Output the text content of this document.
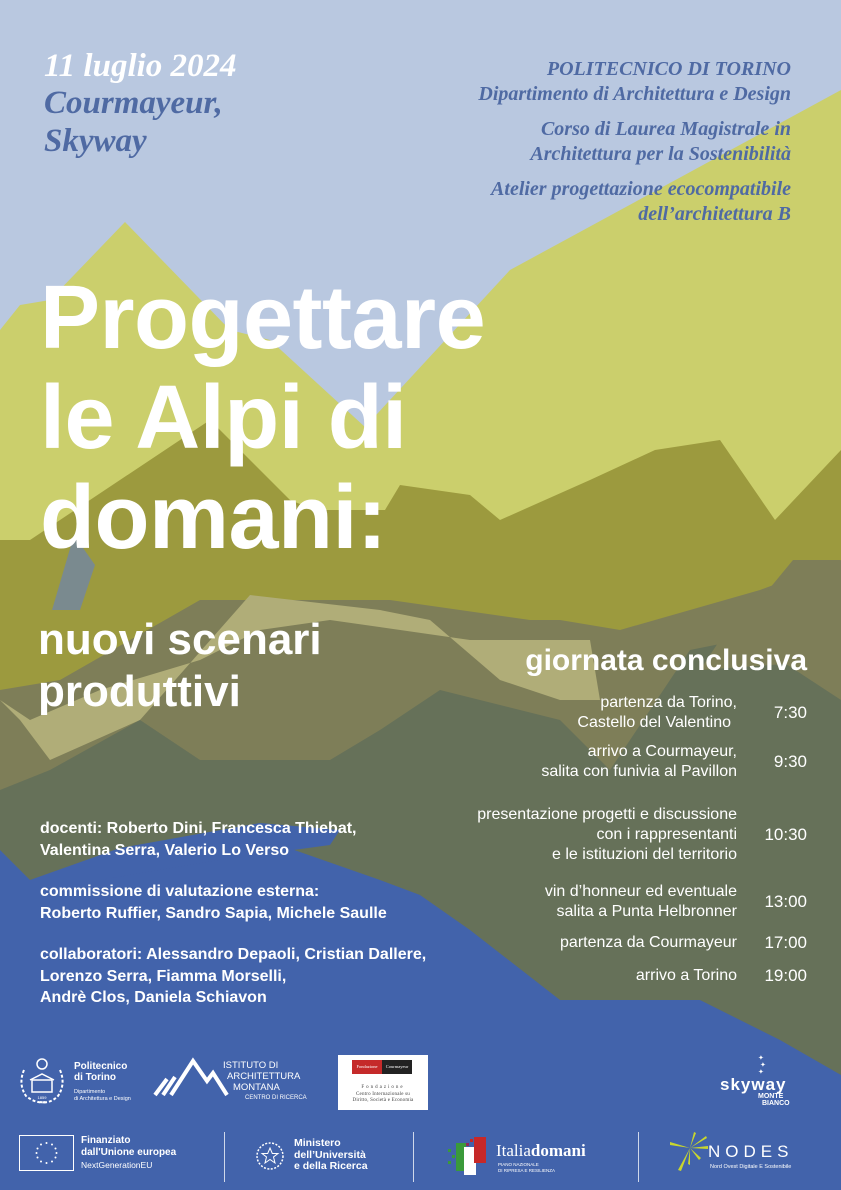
11 luglio 2024
Courmayeur,
Skyway
POLITECNICO DI TORINO
Dipartimento di Architettura e Design
Corso di Laurea Magistrale in
Architettura per la Sostenibilità
Atelier progettazione ecocompatibile
dell’architettura B
Progettare
le Alpi di
domani:
nuovi scenari
produttivi
giornata conclusiva
partenza da Torino,
Castello del Valentino
7:30
arrivo a Courmayeur,
salita con funivia al Pavillon
9:30
presentazione progetti e discussione
con i rappresentanti
e le istituzioni del territorio
10:30
vin d’honneur ed eventuale
salita a Punta Helbronner
13:00
partenza da Courmayeur	17:00
arrivo a Torino	19:00
docenti: Roberto Dini, Francesca Thiebat,
Valentina Serra, Valerio Lo Verso
commissione di valutazione esterna:
Roberto Ruffier, Sandro Sapia, Michele Saulle
collaboratori: Alessandro Depaoli, Cristian Dallere,
Lorenzo Serra, Fiamma Morselli,
Andrè Clos, Daniela Schiavon
1859
Politecnico
di Torino
Dipartimento
di Architettura e Design
ISTITUTO DI
ARCHITETTURA
MONTANA
CENTRO DI RICERCA
Fondazione	Courmayeur
Fondazione
Centro Internazionale su
Diritto, Società e Economia
✦
✦
✦
skyway
MONTE
BIANCO
Finanziato
dall'Unione europea
NextGenerationEU
Ministero
dell’Università
e della Ricerca
Italiadomani
PIANO NAZIONALE
DI RIPRESA E RESILIENZA
NODES
Nord Ovest Digitale E Sostenibile
